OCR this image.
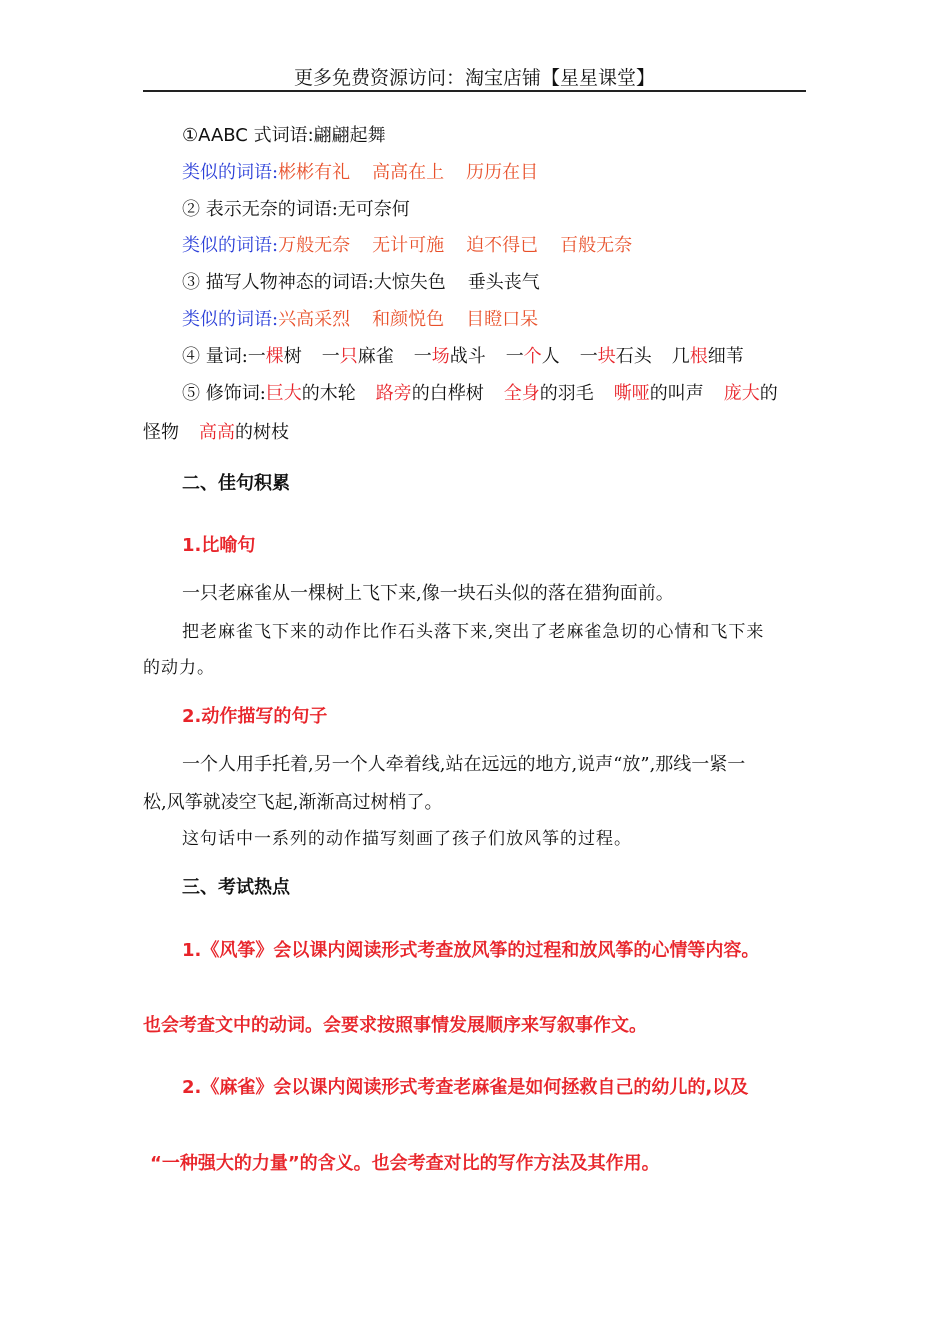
更多免费资源访问：淘宝店铺【星星课堂】
①AABC 式词语:翩翩起舞
类似的词语:彬彬有礼 高高在上 历历在目
② 表示无奈的词语:无可奈何
类似的词语:万般无奈 无计可施 迫不得已 百般无奈
③ 描写人物神态的词语:大惊失色 垂头丧气
类似的词语:兴高采烈 和颜悦色 目瞪口呆
④ 量词:一棵树 一只麻雀 一场战斗 一个人 一块石头 几根细苇
⑤ 修饰词:巨大的木轮 路旁的白桦树 全身的羽毛 嘶哑的叫声 庞大的
怪物 高高的树枝
二、佳句积累
1.比喻句
一只老麻雀从一棵树上飞下来,像一块石头似的落在猎狗面前。
把老麻雀飞下来的动作比作石头落下来,突出了老麻雀急切的心情和飞下来
的动力。
2.动作描写的句子
一个人用手托着,另一个人牵着线,站在远远的地方,说声“放”,那线一紧一
松,风筝就凌空飞起,渐渐高过树梢了。
这句话中一系列的动作描写刻画了孩子们放风筝的过程。
三、考试热点
1.《风筝》会以课内阅读形式考查放风筝的过程和放风筝的心情等内容。
也会考查文中的动词。会要求按照事情发展顺序来写叙事作文。
2.《麻雀》会以课内阅读形式考查老麻雀是如何拯救自己的幼儿的,以及
“一种强大的力量”的含义。也会考查对比的写作方法及其作用。
